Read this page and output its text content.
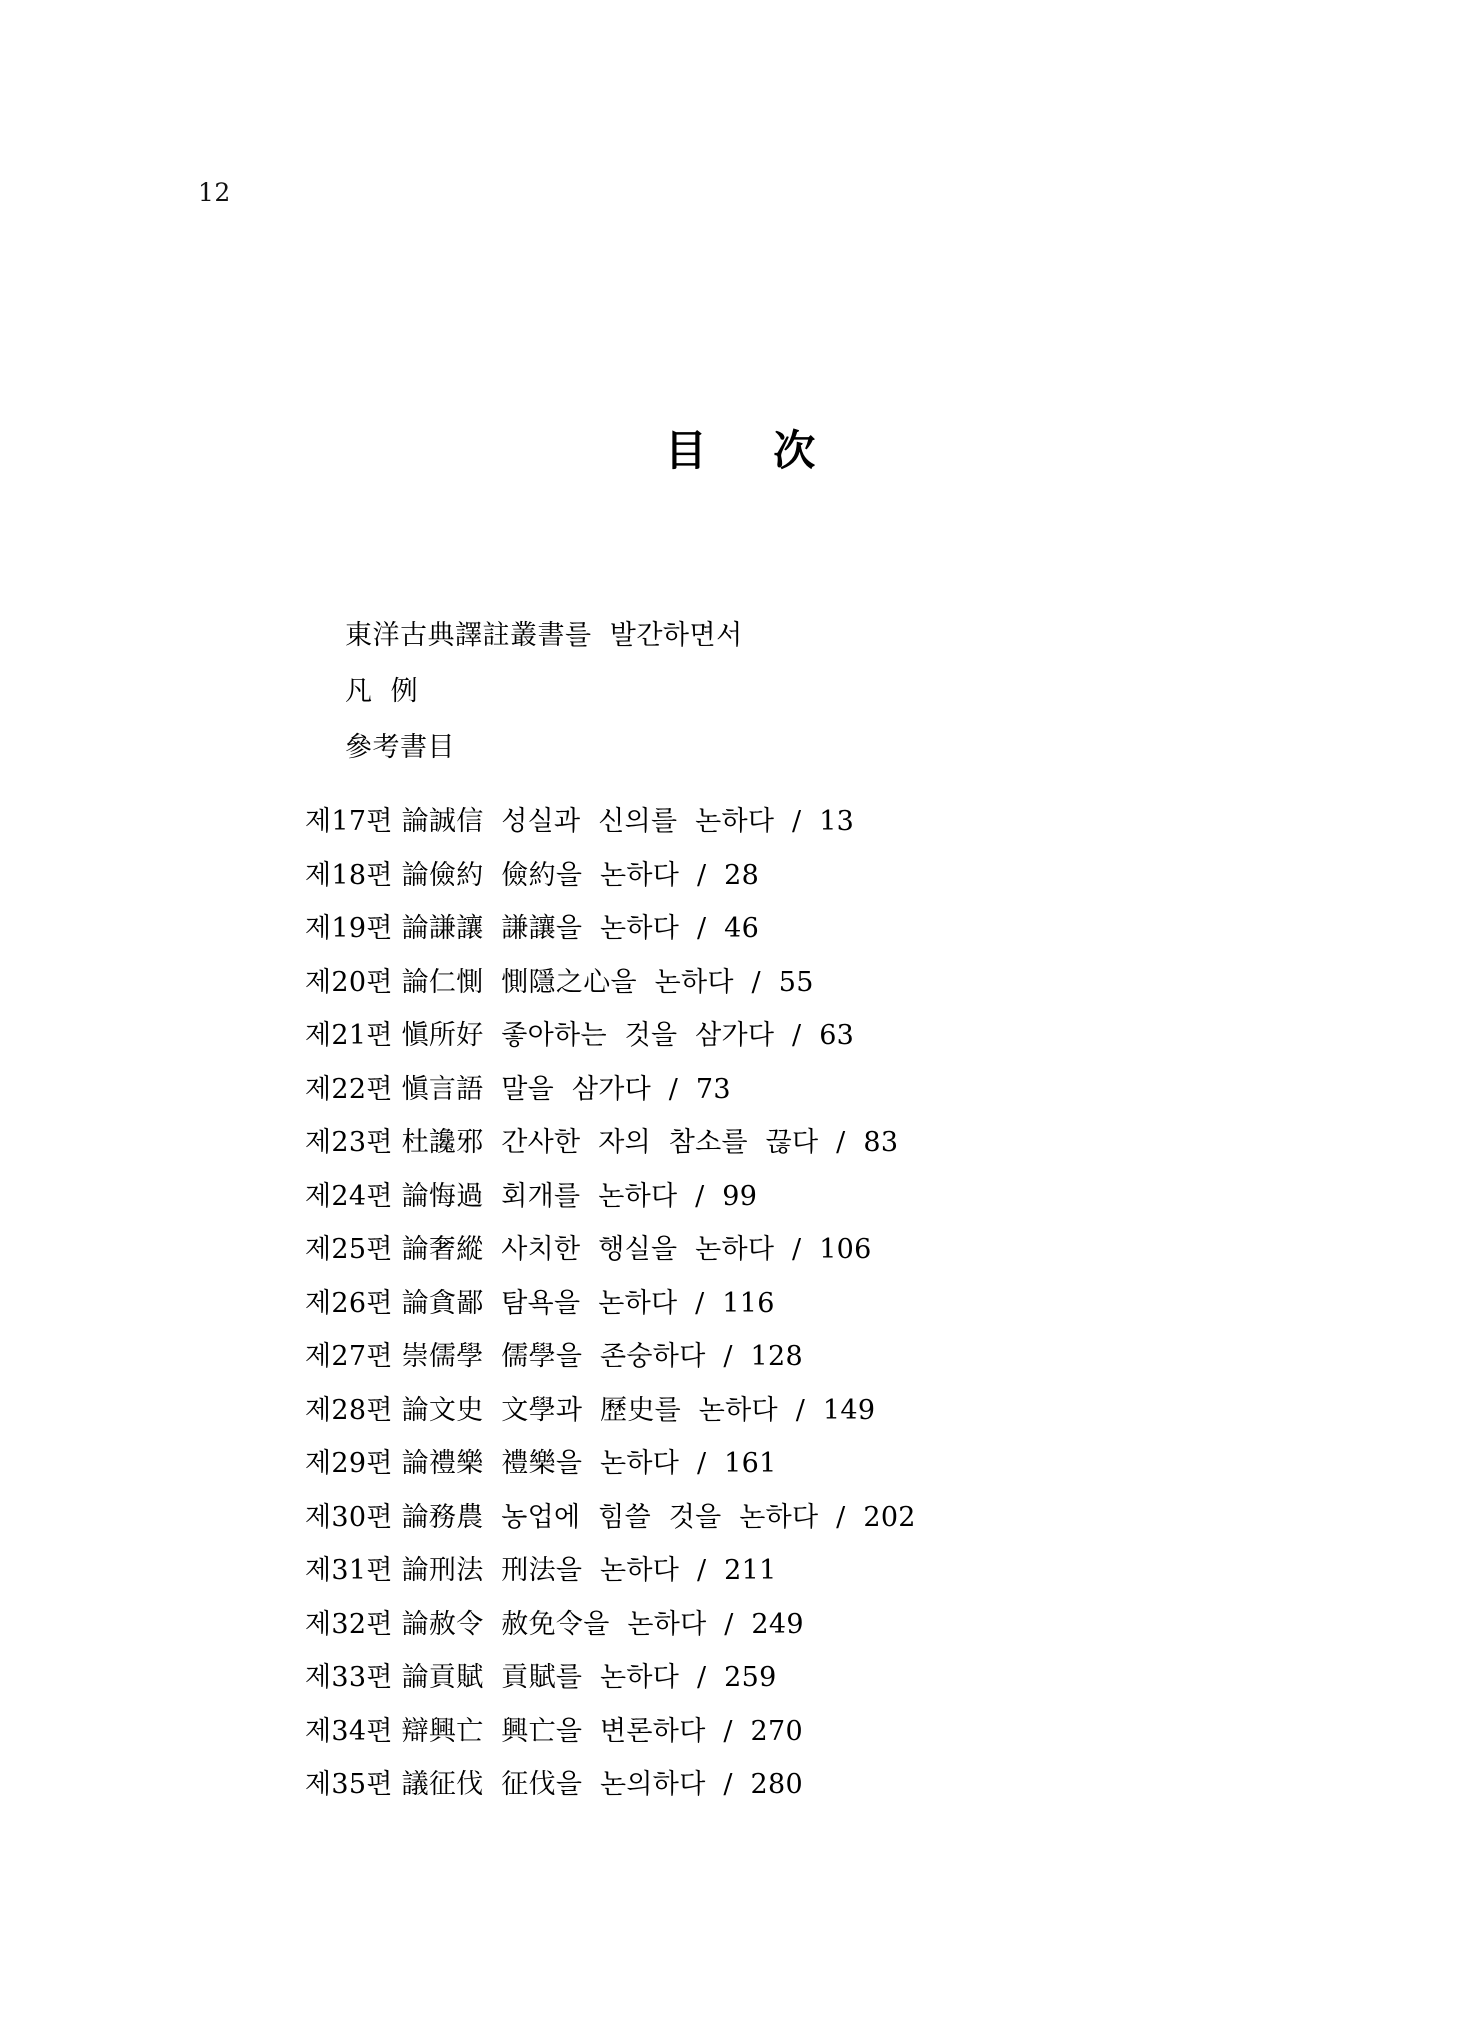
12
目 次
東洋古典譯註叢書를  발간하면서
凡  例
參考書目
제17편 論誠信 성실과  신의를  논하다  /  13
제18편 論儉約 儉約을  논하다  /  28
제19편 論謙讓 謙讓을  논하다  /  46
제20편 論仁惻 惻隱之心을  논하다  /  55
제21편 愼所好 좋아하는  것을  삼가다  /  63
제22편 愼言語 말을  삼가다  /  73
제23편 杜讒邪 간사한  자의  참소를  끊다  /  83
제24편 論悔過 회개를  논하다  /  99
제25편 論奢縱 사치한  행실을  논하다  /  106
제26편 論貪鄙 탐욕을  논하다  /  116
제27편 崇儒學 儒學을  존숭하다  /  128
제28편 論文史 文學과  歷史를  논하다  /  149
제29편 論禮樂 禮樂을  논하다  /  161
제30편 論務農 농업에  힘쓸  것을  논하다  /  202
제31편 論刑法 刑法을  논하다  /  211
제32편 論赦令 赦免令을  논하다  /  249
제33편 論貢賦 貢賦를  논하다  /  259
제34편 辯興亡 興亡을  변론하다  /  270
제35편 議征伐 征伐을  논의하다  /  280
